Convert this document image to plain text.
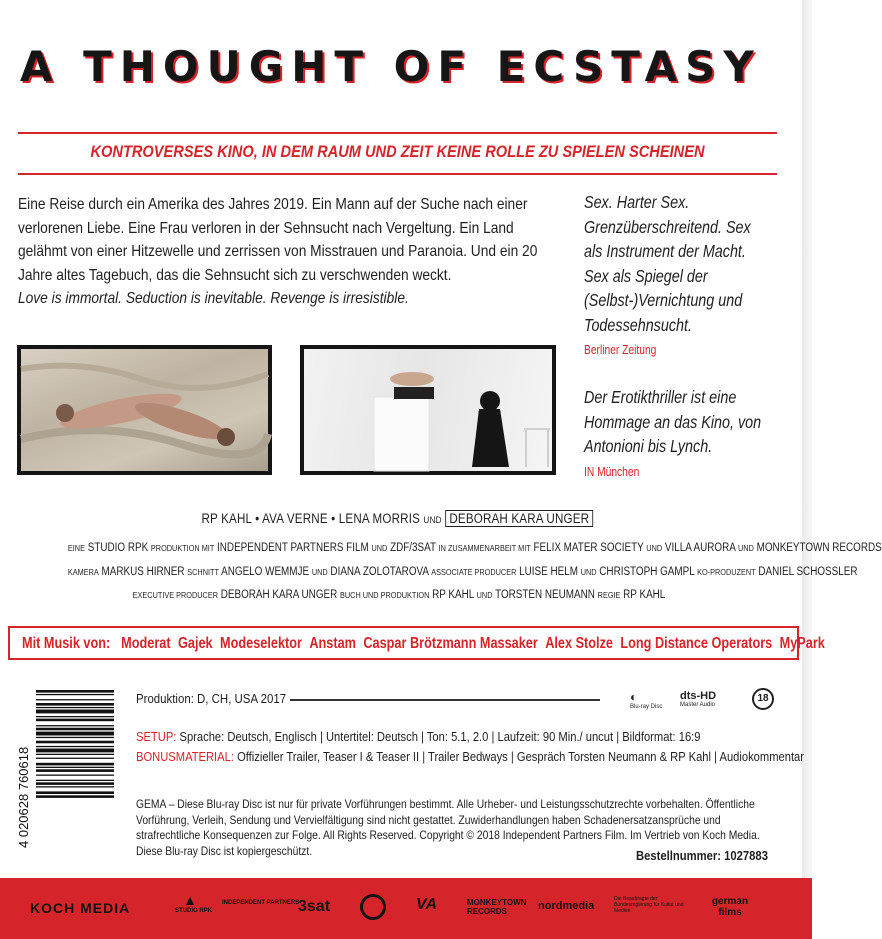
A THOUGHT OF ECSTASY
KONTROVERSES KINO, IN DEM RAUM UND ZEIT KEINE ROLLE ZU SPIELEN SCHEINEN
Eine Reise durch ein Amerika des Jahres 2019. Ein Mann auf der Suche nach einer verlorenen Liebe. Eine Frau verloren in der Sehnsucht nach Vergeltung. Ein Land gelähmt von einer Hitzewelle und zerrissen von Misstrauen und Paranoia. Und ein 20 Jahre altes Tagebuch, das die Sehnsucht sich zu verschwenden weckt.
Love is immortal. Seduction is inevitable. Revenge is irresistible.
Sex. Harter Sex. Grenzüberschreitend. Sex als Instrument der Macht. Sex als Spiegel der (Selbst-)Vernichtung und Todessehnsucht.
Berliner Zeitung
Der Erotikthriller ist eine Hommage an das Kino, von Antonioni bis Lynch.
IN München
RP KAHL • AVA VERNE • LENA MORRIS UND DEBORAH KARA UNGER
EINE STUDIO RPK PRODUKTION MIT INDEPENDENT PARTNERS FILM UND ZDF/3SAT IN ZUSAMMENARBEIT MIT FELIX MATER SOCIETY UND VILLA AURORA UND MONKEYTOWN RECORDS
KAMERA MARKUS HIRNER SCHNITT ANGELO WEMMJE UND DIANA ZOLOTAROVA ASSOCIATE PRODUCER LUISE HELM UND CHRISTOPH GAMPL KO-PRODUZENT DANIEL SCHÖSSLER
EXECUTIVE PRODUCER DEBORAH KARA UNGER BUCH UND PRODUKTION RP KAHL UND TORSTEN NEUMANN REGIE RP KAHL
Mit Musik von: Moderat Gajek Modeselektor Anstam Caspar Brötzmann Massaker Alex Stolze Long Distance Operators MyPark
4 020628 760618
Produktion: D, CH, USA 2017	◐
Blu-ray Disc
dts-HD
Master Audio
18
SETUP: Sprache: Deutsch, Englisch | Untertitel: Deutsch | Ton: 5.1, 2.0 | Laufzeit: 90 Min./ uncut | Bildformat: 16:9
BONUSMATERIAL: Offizieller Trailer, Teaser I & Teaser II | Trailer Bedways | Gespräch Torsten Neumann & RP Kahl | Audiokommentar
GEMA – Diese Blu-ray Disc ist nur für private Vorführungen bestimmt. Alle Urheber- und Leistungsschutzrechte vorbehalten. Öffentliche Vorführung, Verleih, Sendung und Vervielfältigung sind nicht gestattet. Zuwiderhandlungen haben Schadenersatzansprüche und strafrechtliche Konsequenzen zur Folge. All Rights Reserved. Copyright © 2018 Independent Partners Film. Im Vertrieb von Koch Media. Diese Blu-ray Disc ist kopiergeschützt.	Bestellnummer: 1027883
KOCH MEDIA	▲
STUDIO RPK
INDEPENDENT PARTNERS
3sat	VA	MONKEYTOWN RECORDS	nordmedia
Die Beauftragte der Bundesregierung für Kultur und Medien
german films
